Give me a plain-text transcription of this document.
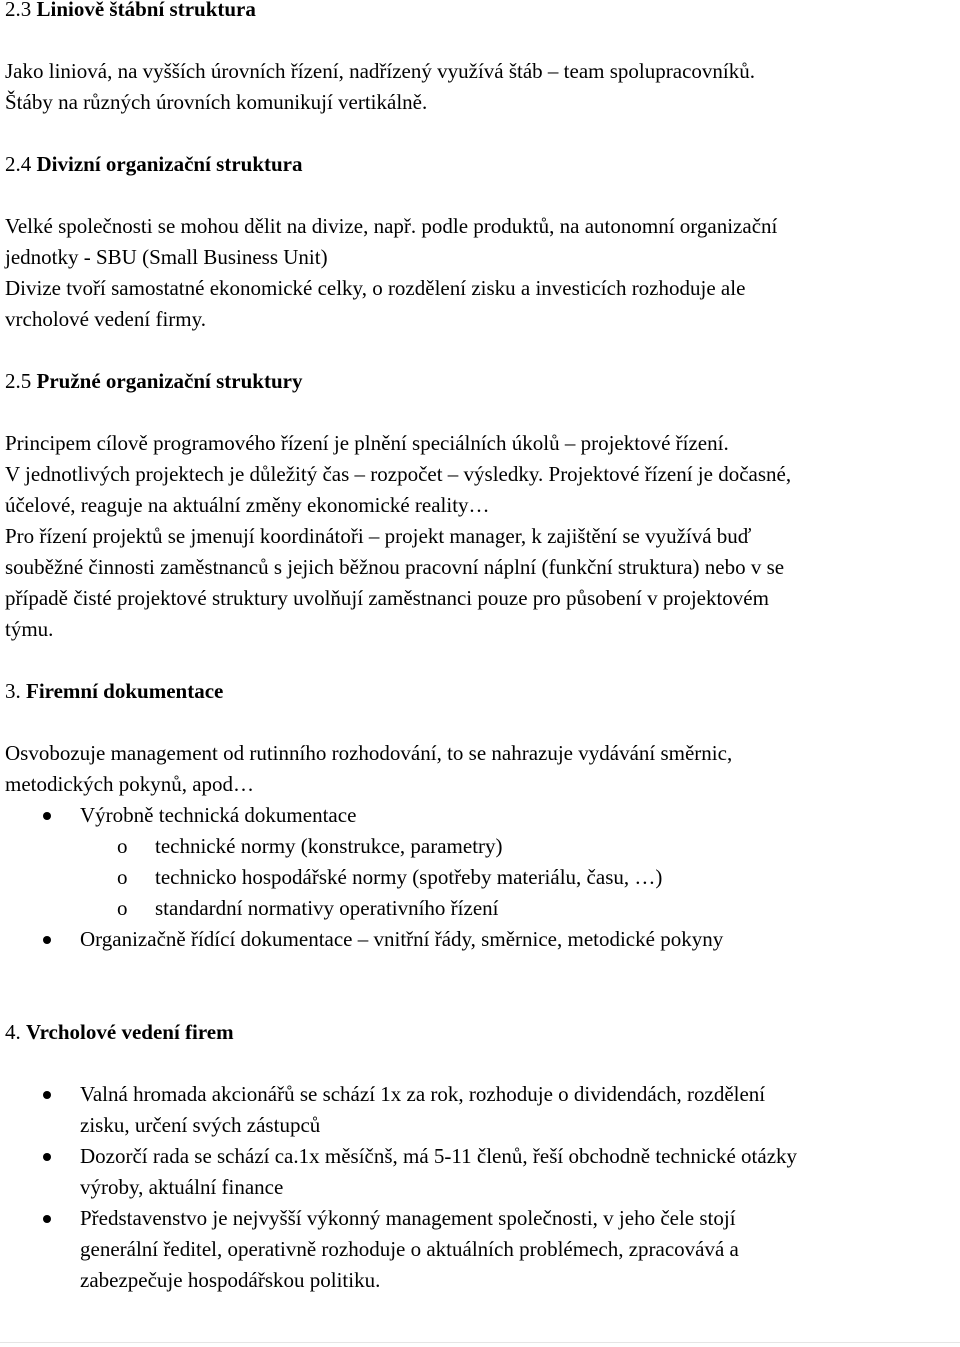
2.3 Liniově štábní struktura

Jako liniová, na vyšších úrovních řízení, nadřízený využívá štáb – team spolupracovníků.

Štáby na různých úrovních komunikují vertikálně.

2.4 Divizní organizační struktura

Velké společnosti se mohou dělit na divize, např. podle produktů, na autonomní organizační

jednotky - SBU (Small Business Unit)

Divize tvoří samostatné ekonomické celky, o rozdělení zisku a investicích rozhoduje ale

vrcholové vedení firmy.

2.5 Pružné organizační struktury

Principem cílově programového řízení je plnění speciálních úkolů – projektové řízení.

V jednotlivých projektech je důležitý čas – rozpočet – výsledky. Projektové řízení je dočasné,

účelové, reaguje na aktuální změny ekonomické reality…

Pro řízení projektů se jmenují koordinátoři – projekt manager, k zajištění se využívá buď

souběžné činnosti zaměstnanců s jejich běžnou pracovní náplní (funkční struktura) nebo v se

případě čisté projektové struktury uvolňují zaměstnanci pouze pro působení v projektovém

týmu.

3. Firemní dokumentace

Osvobozuje management od rutinního rozhodování, to se nahrazuje vydávání směrnic,

metodických pokynů, apod…

Výrobně technická dokumentace
o technické normy (konstrukce, parametry)
o technicko hospodářské normy (spotřeby materiálu, času, …)
o standardní normativy operativního řízení
Organizačně řídící dokumentace – vnitřní řády, směrnice, metodické pokyny

4. Vrcholové vedení firem

Valná hromada akcionářů se schází 1x za rok, rozhoduje o dividendách, rozdělení
zisku, určení svých zástupců
Dozorčí rada se schází ca.1x měsíčnš, má 5-11 členů, řeší obchodně technické otázky
výroby, aktuální finance
Představenstvo je nejvyšší výkonný management společnosti, v jeho čele stojí
generální ředitel, operativně rozhoduje o aktuálních problémech, zpracovává a
zabezpečuje hospodářskou politiku.
